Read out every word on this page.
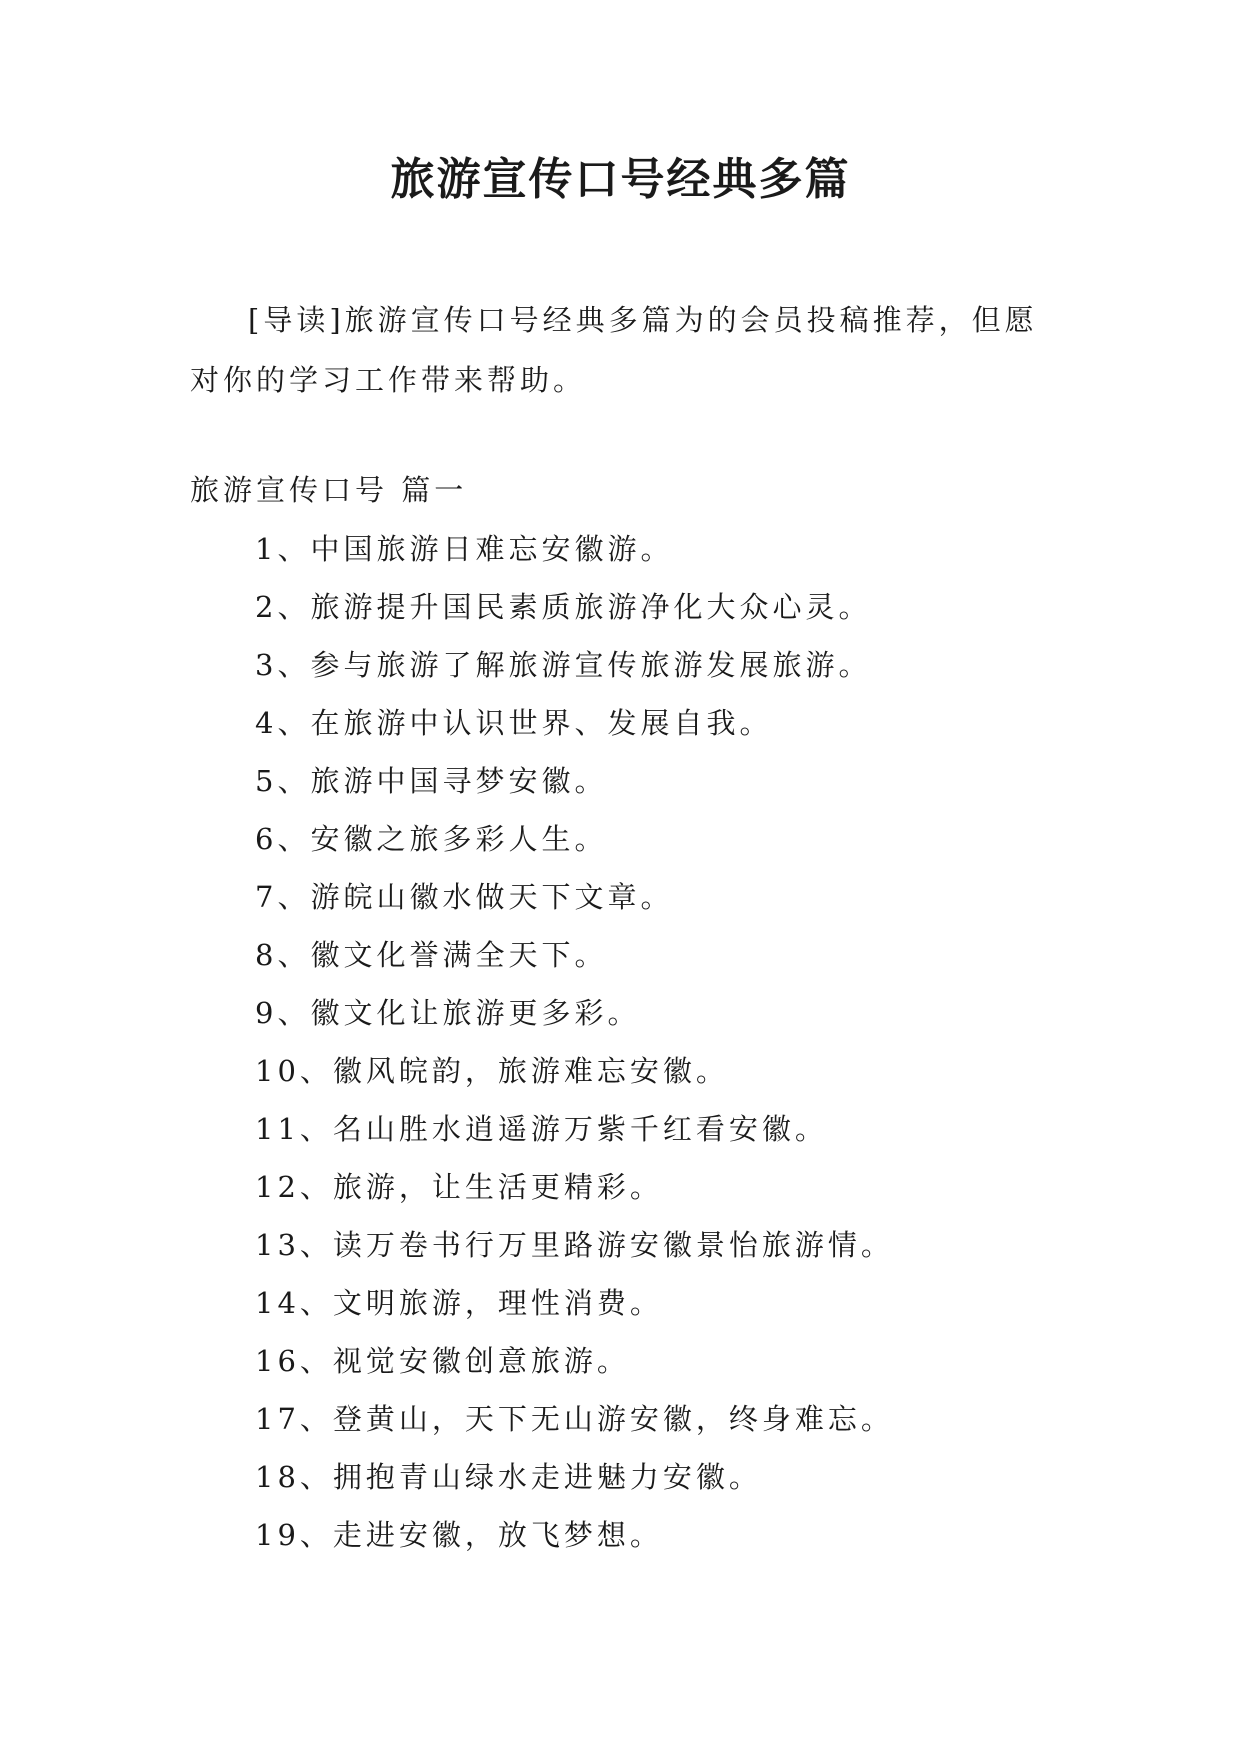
旅游宣传口号经典多篇

[导读]旅游宣传口号经典多篇为的会员投稿推荐，但愿对你的学习工作带来帮助。

旅游宣传口号 篇一
1、中国旅游日难忘安徽游。
2、旅游提升国民素质旅游净化大众心灵。
3、参与旅游了解旅游宣传旅游发展旅游。
4、在旅游中认识世界、发展自我。
5、旅游中国寻梦安徽。
6、安徽之旅多彩人生。
7、游皖山徽水做天下文章。
8、徽文化誉满全天下。
9、徽文化让旅游更多彩。
10、徽风皖韵，旅游难忘安徽。
11、名山胜水逍遥游万紫千红看安徽。
12、旅游，让生活更精彩。
13、读万卷书行万里路游安徽景怡旅游情。
14、文明旅游，理性消费。
16、视觉安徽创意旅游。
17、登黄山，天下无山游安徽，终身难忘。
18、拥抱青山绿水走进魅力安徽。
19、走进安徽，放飞梦想。
